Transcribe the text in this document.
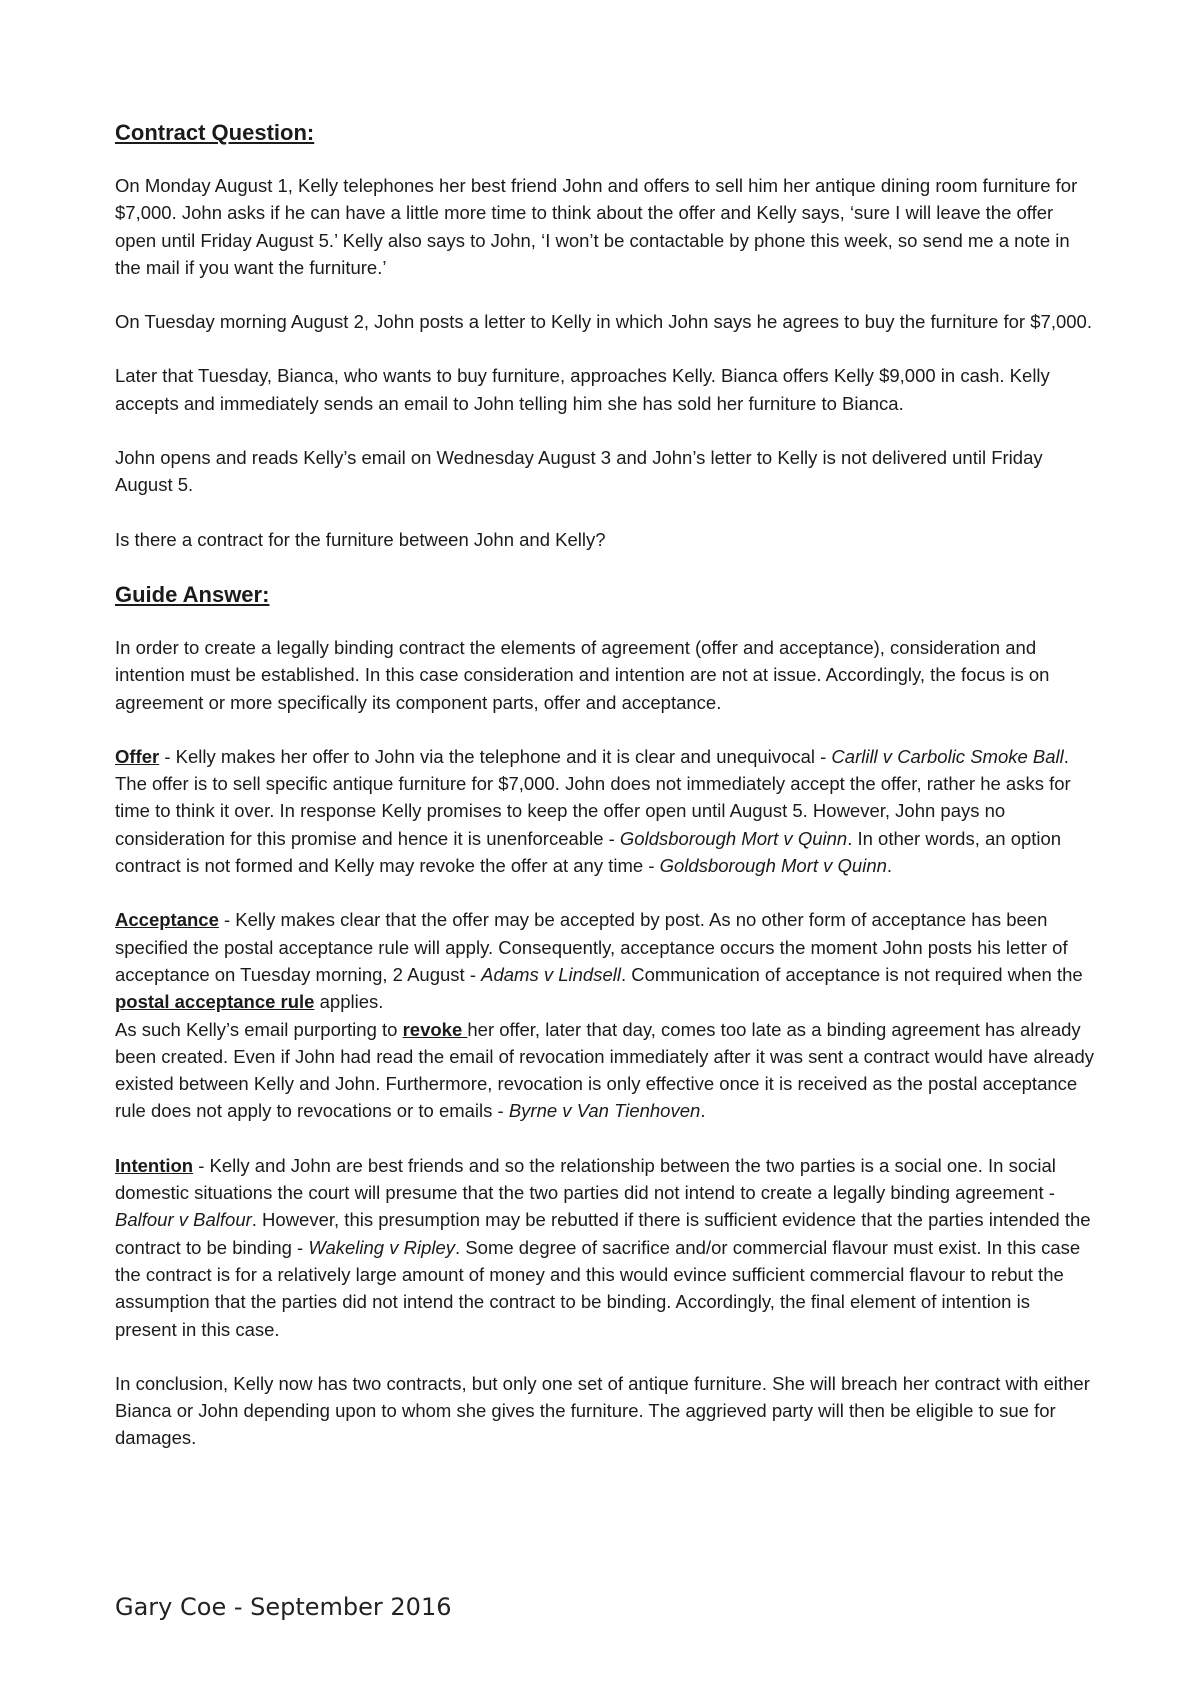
Contract Question:

On Monday August 1, Kelly telephones her best friend John and offers to sell him her antique dining room furniture for $7,000. John asks if he can have a little more time to think about the offer and Kelly says, ‘sure I will leave the offer open until Friday August 5.’ Kelly also says to John, ‘I won’t be contactable by phone this week, so send me a note in the mail if you want the furniture.’

On Tuesday morning August 2, John posts a letter to Kelly in which John says he agrees to buy the furniture for $7,000.

Later that Tuesday, Bianca, who wants to buy furniture, approaches Kelly. Bianca offers Kelly $9,000 in cash. Kelly accepts and immediately sends an email to John telling him she has sold her furniture to Bianca.

John opens and reads Kelly’s email on Wednesday August 3 and John’s letter to Kelly is not delivered until Friday August 5.

Is there a contract for the furniture between John and Kelly?

Guide Answer:

In order to create a legally binding contract the elements of agreement (offer and acceptance), consideration and intention must be established. In this case consideration and intention are not at issue. Accordingly, the focus is on agreement or more specifically its component parts, offer and acceptance.

Offer - Kelly makes her offer to John via the telephone and it is clear and unequivocal - Carlill v Carbolic Smoke Ball. The offer is to sell specific antique furniture for $7,000. John does not immediately accept the offer, rather he asks for time to think it over. In response Kelly promises to keep the offer open until August 5. However, John pays no consideration for this promise and hence it is unenforceable - Goldsborough Mort v Quinn. In other words, an option contract is not formed and Kelly may revoke the offer at any time - Goldsborough Mort v Quinn.

Acceptance - Kelly makes clear that the offer may be accepted by post. As no other form of acceptance has been specified the postal acceptance rule will apply. Consequently, acceptance occurs the moment John posts his letter of acceptance on Tuesday morning, 2 August - Adams v Lindsell. Communication of acceptance is not required when the postal acceptance rule applies.

As such Kelly’s email purporting to revoke her offer, later that day, comes too late as a binding agreement has already been created. Even if John had read the email of revocation immediately after it was sent a contract would have already existed between Kelly and John. Furthermore, revocation is only effective once it is received as the postal acceptance rule does not apply to revocations or to emails - Byrne v Van Tienhoven.

Intention - Kelly and John are best friends and so the relationship between the two parties is a social one. In social domestic situations the court will presume that the two parties did not intend to create a legally binding agreement - Balfour v Balfour. However, this presumption may be rebutted if there is sufficient evidence that the parties intended the contract to be binding - Wakeling v Ripley. Some degree of sacrifice and/or commercial flavour must exist. In this case the contract is for a relatively large amount of money and this would evince sufficient commercial flavour to rebut the assumption that the parties did not intend the contract to be binding. Accordingly, the final element of intention is present in this case.

In conclusion, Kelly now has two contracts, but only one set of antique furniture. She will breach her contract with either Bianca or John depending upon to whom she gives the furniture. The aggrieved party will then be eligible to sue for damages.

Gary Coe - September 2016
